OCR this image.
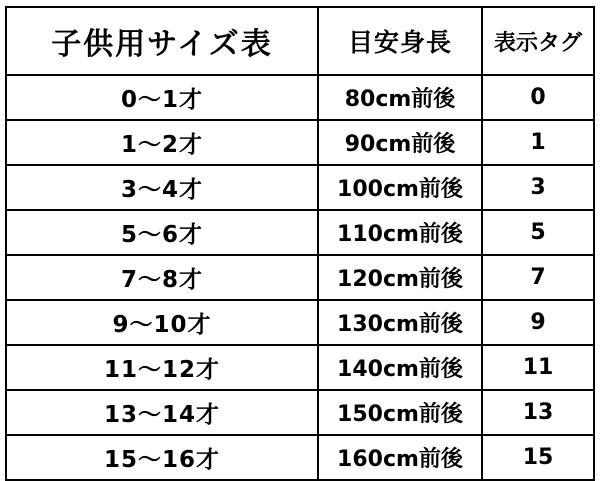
子供用サイズ表	目安身長	表示タグ
0〜1才	80cm前後	0
1〜2才	90cm前後	1
3〜4才	100cm前後	3
5〜6才	110cm前後	5
7〜8才	120cm前後	7
9〜10才	130cm前後	9
11〜12才	140cm前後	11
13〜14才	150cm前後	13
15〜16才	160cm前後	15
